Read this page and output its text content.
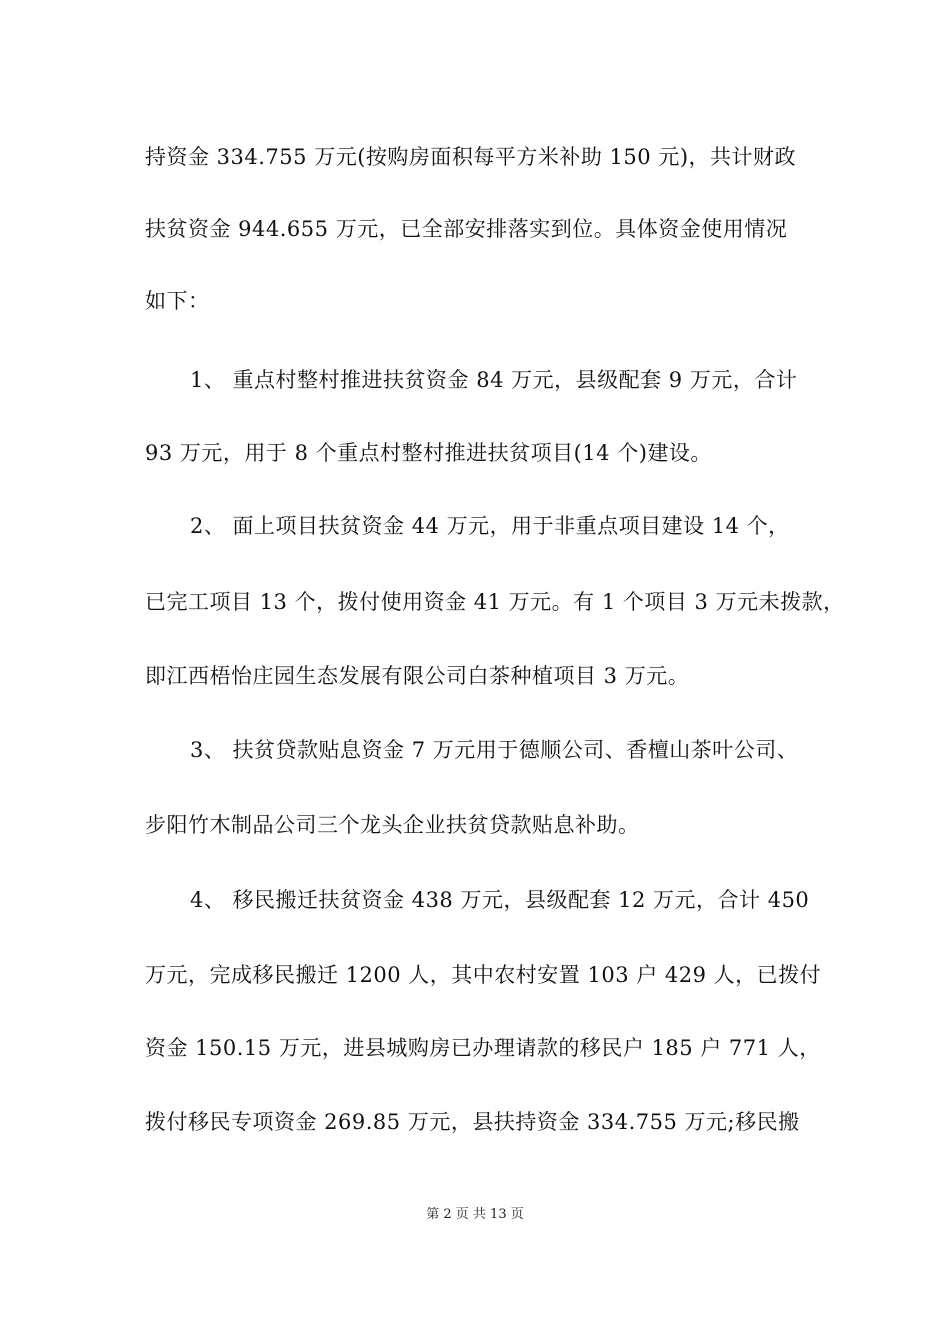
持资金 334.755 万元(按购房面积每平方米补助 150 元)，共计财政
扶贫资金 944.655 万元，已全部安排落实到位。具体资金使用情况
如下：
1、 重点村整村推进扶贫资金 84 万元，县级配套 9 万元，合计
93 万元，用于 8 个重点村整村推进扶贫项目(14 个)建设。
2、 面上项目扶贫资金 44 万元，用于非重点项目建设 14 个，
已完工项目 13 个，拨付使用资金 41 万元。有 1 个项目 3 万元未拨款，
即江西梧怡庄园生态发展有限公司白茶种植项目 3 万元。
3、 扶贫贷款贴息资金 7 万元用于德顺公司、香檀山茶叶公司、
步阳竹木制品公司三个龙头企业扶贫贷款贴息补助。
4、 移民搬迁扶贫资金 438 万元，县级配套 12 万元，合计 450
万元，完成移民搬迁 1200 人，其中农村安置 103 户 429 人，已拨付
资金 150.15 万元，进县城购房已办理请款的移民户 185 户 771 人，
拨付移民专项资金 269.85 万元，县扶持资金 334.755 万元;移民搬
第 2 页 共 13 页
